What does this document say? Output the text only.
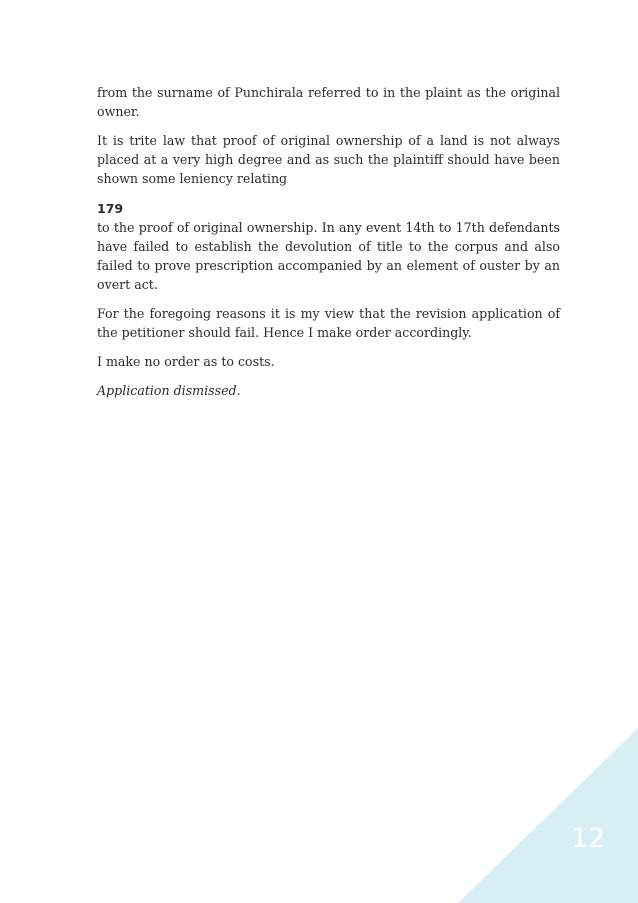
from the surname of Punchirala referred to in the plaint as the original owner.

It is trite law that proof of original ownership of a land is not always placed at a very high degree and as such the plaintiff should have been shown some leniency relating

179

to the proof of original ownership. In any event 14th to 17th defendants have failed to establish the devolution of title to the corpus and also failed to prove prescription accompanied by an element of ouster by an overt act.

For the foregoing reasons it is my view that the revision application of the petitioner should fail. Hence I make order accordingly.

I make no order as to costs.

Application dismissed.

12
